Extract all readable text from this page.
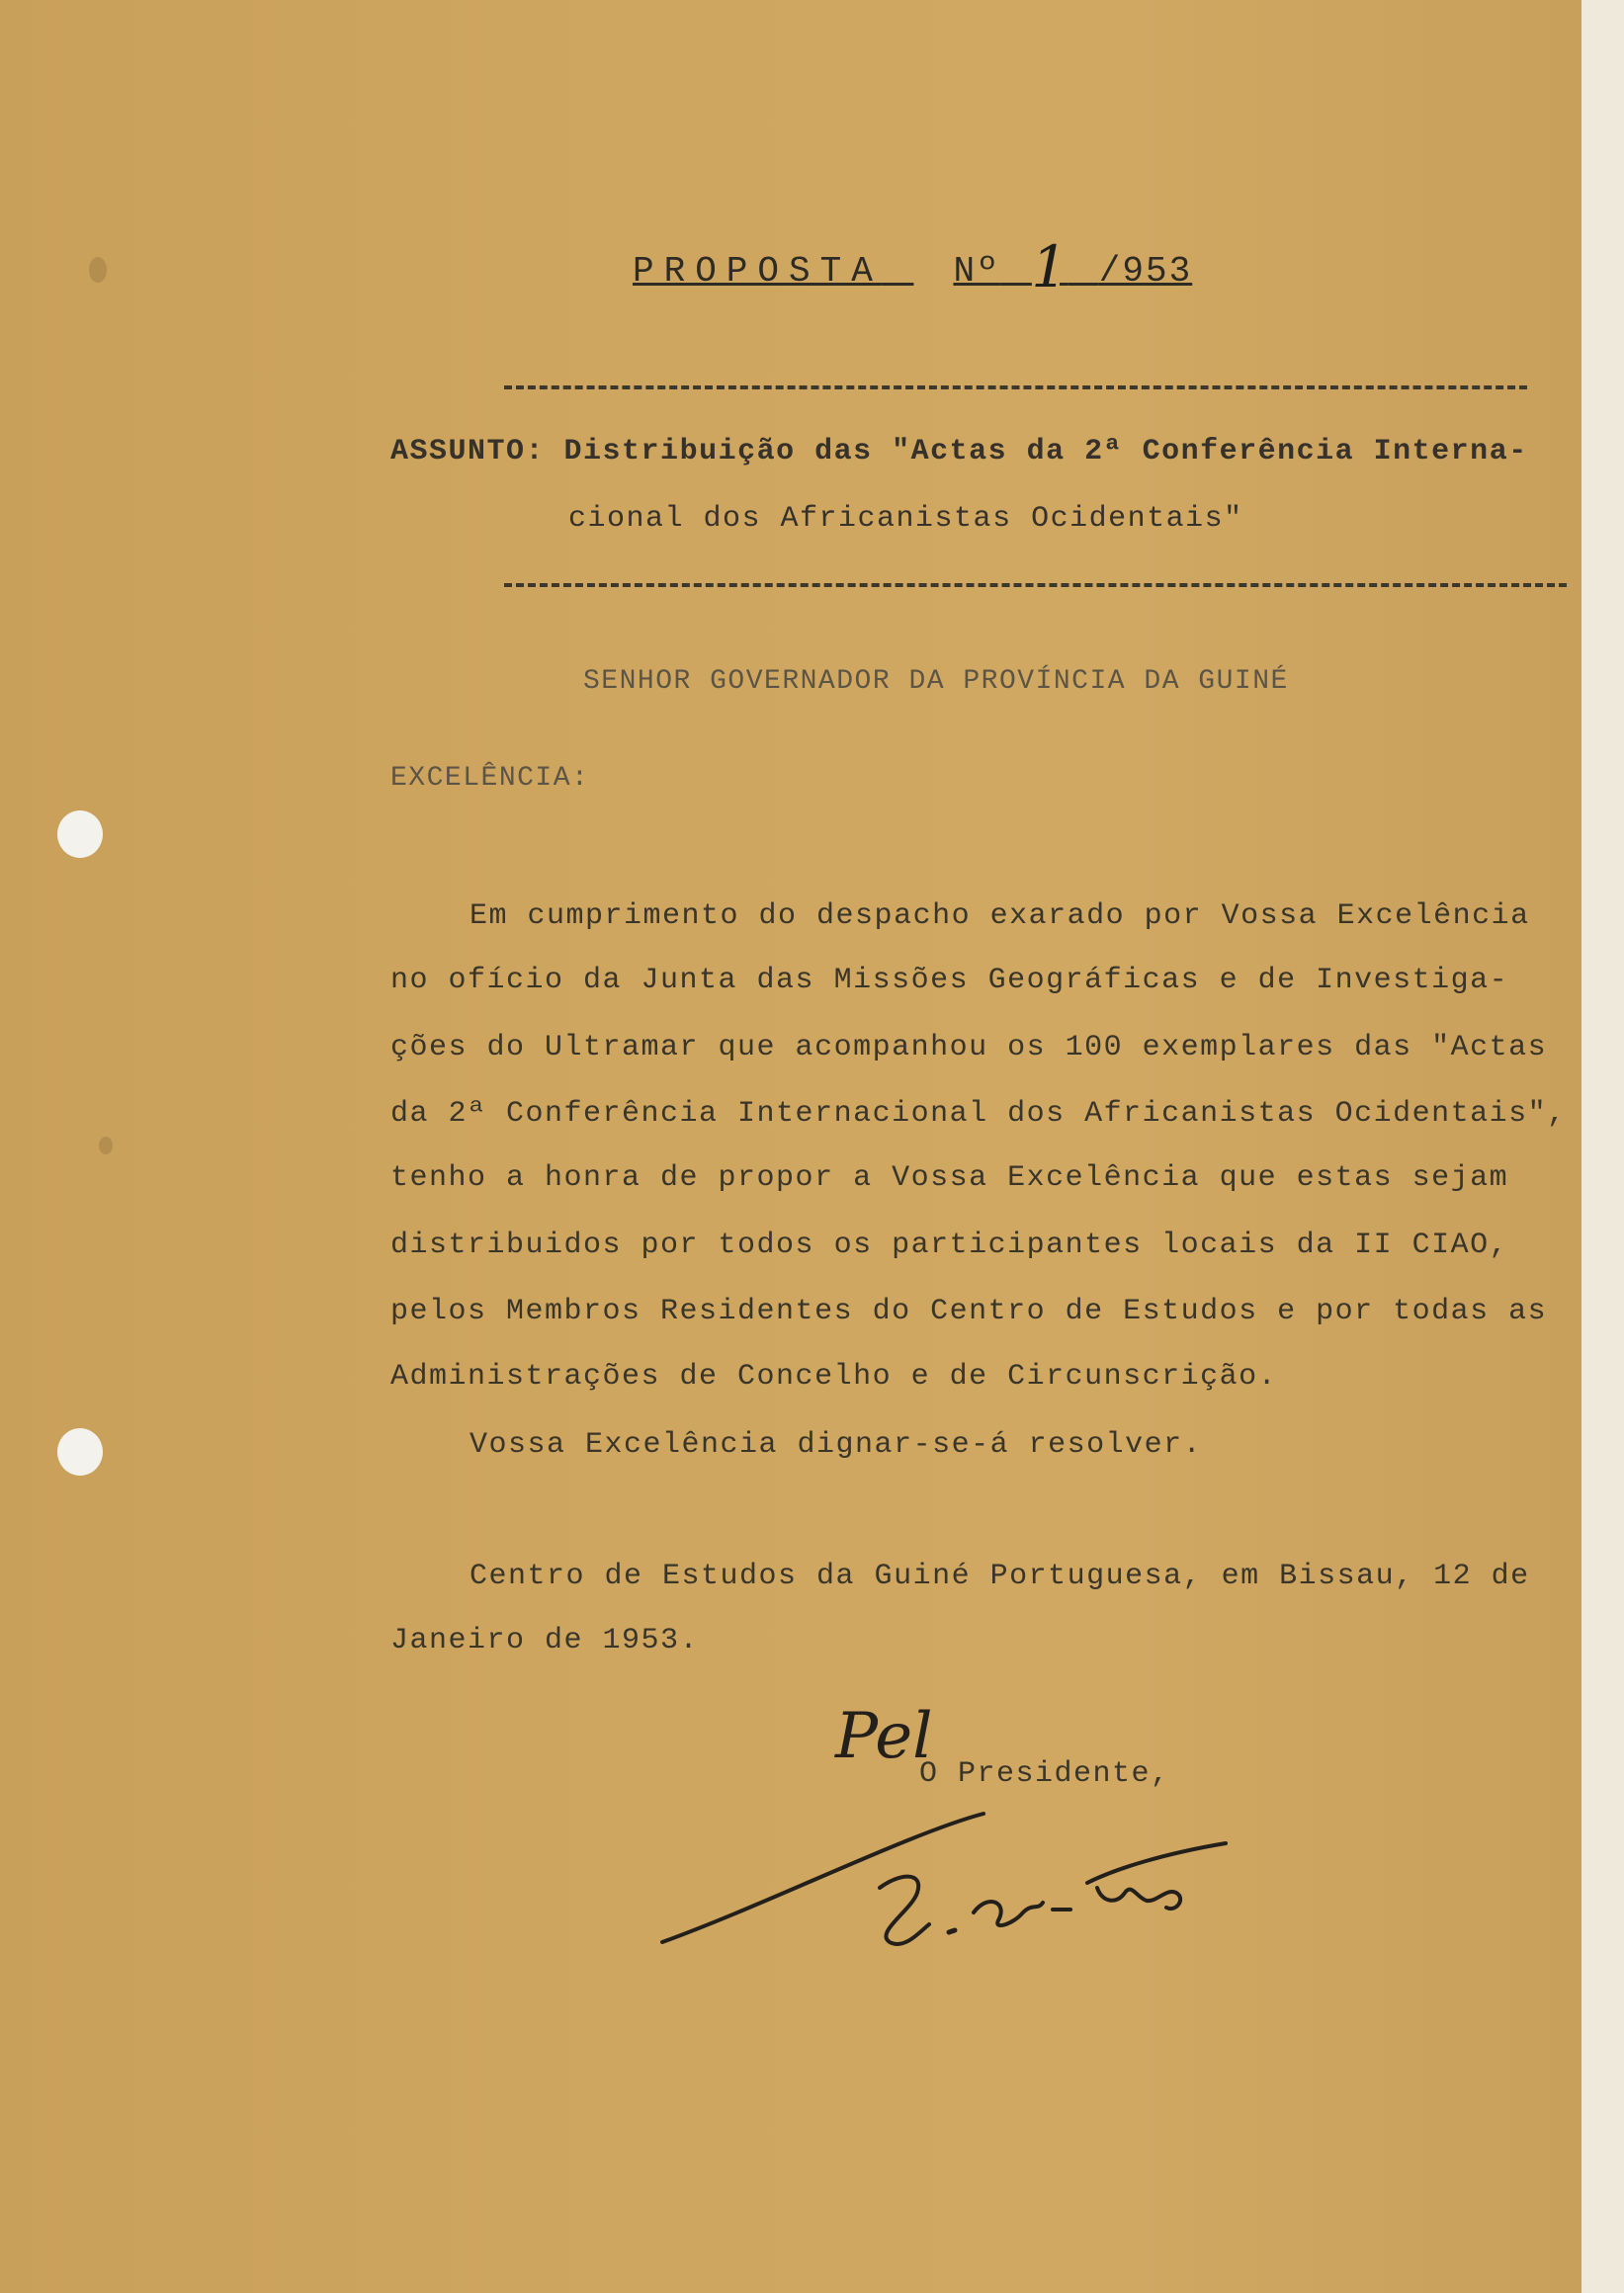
PROPOSTA Nº 1 /953
ASSUNTO: Distribuição das "Actas da 2ª Conferência Interna-
cional dos Africanistas Ocidentais"
SENHOR GOVERNADOR DA PROVÍNCIA DA GUINÉ
EXCELÊNCIA:
Em cumprimento do despacho exarado por Vossa Excelência
no ofício da Junta das Missões Geográficas e de Investiga-
ções do Ultramar que acompanhou os 100 exemplares das "Actas
da 2ª Conferência Internacional dos Africanistas Ocidentais",
tenho a honra de propor a Vossa Excelência que estas sejam
distribuidos por todos os participantes locais da II CIAO,
pelos Membros Residentes do Centro de Estudos e por todas as
Administrações de Concelho e de Circunscrição.
Vossa Excelência dignar-se-á resolver.
Centro de Estudos da Guiné Portuguesa, em Bissau, 12 de
Janeiro de 1953.
Pel
O Presidente,
